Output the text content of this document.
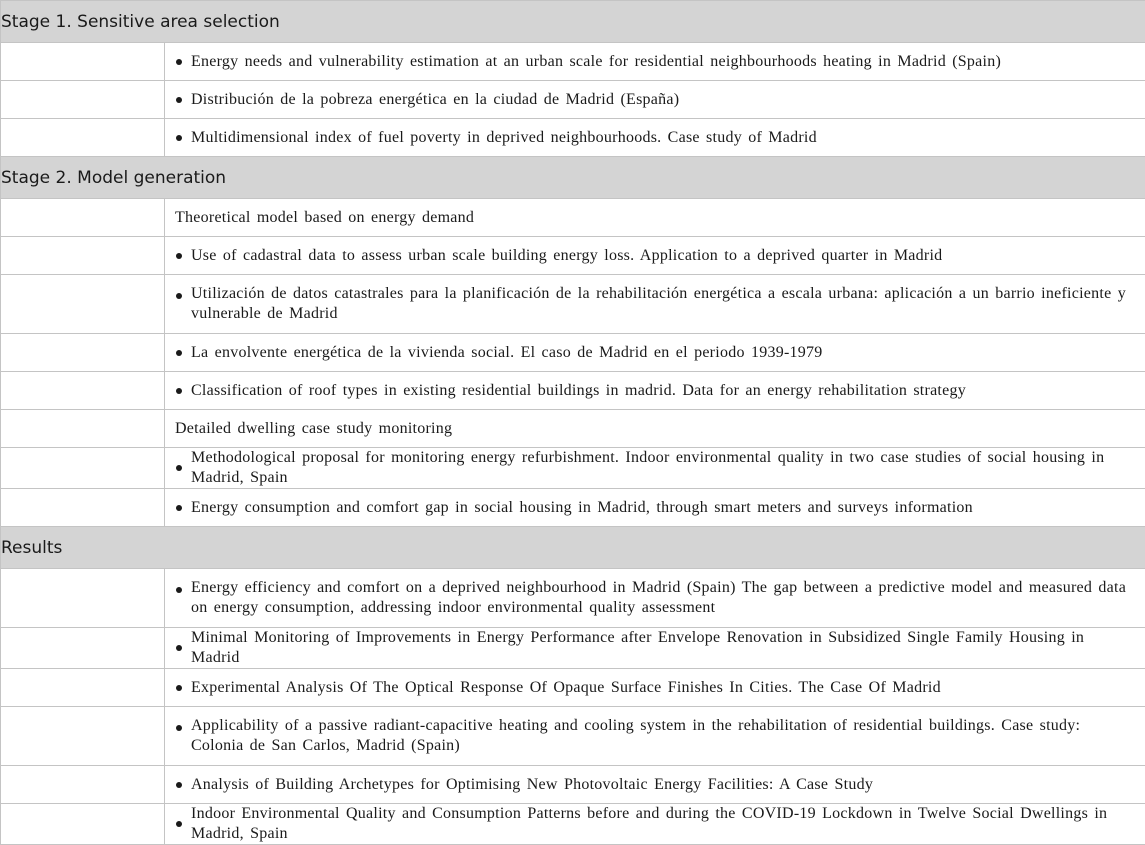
Stage 1. Sensitive area selection	

	Energy needs and vulnerability estimation at an urban scale for residential neighbourhoods heating in Madrid (Spain)

	Distribución de la pobreza energética en la ciudad de Madrid (España)

	Multidimensional index of fuel poverty in deprived neighbourhoods. Case study of Madrid

Stage 2. Model generation	

	Theoretical model based on energy demand

	Use of cadastral data to assess urban scale building energy loss. Application to a deprived quarter in Madrid

	Utilización de datos catastrales para la planificación de la rehabilitación energética a escala urbana: aplicación a un barrio ineficiente y vulnerable de Madrid

	La envolvente energética de la vivienda social. El caso de Madrid en el periodo 1939-1979

	Classification of roof types in existing residential buildings in madrid. Data for an energy rehabilitation strategy

	Detailed dwelling case study monitoring

	Methodological proposal for monitoring energy refurbishment. Indoor environmental quality in two case studies of social housing in Madrid, Spain

	Energy consumption and comfort gap in social housing in Madrid, through smart meters and surveys information

Results	

	Energy efficiency and comfort on a deprived neighbourhood in Madrid (Spain) The gap between a predictive model and measured data on energy consumption, addressing indoor environmental quality assessment

	Minimal Monitoring of Improvements in Energy Performance after Envelope Renovation in Subsidized Single Family Housing in Madrid

	Experimental Analysis Of The Optical Response Of Opaque Surface Finishes In Cities. The Case Of Madrid

	Applicability of a passive radiant-capacitive heating and cooling system in the rehabilitation of residential buildings. Case study: Colonia de San Carlos, Madrid (Spain)

	Analysis of Building Archetypes for Optimising New Photovoltaic Energy Facilities: A Case Study

	Indoor Environmental Quality and Consumption Patterns before and during the COVID-19 Lockdown in Twelve Social Dwellings in Madrid, Spain
